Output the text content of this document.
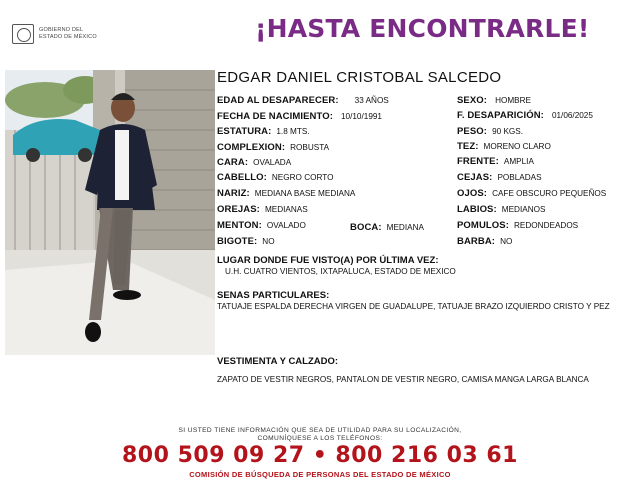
GOBIERNO DEL
ESTADO DE MÉXICO	¡HASTA ENCONTRARLE!
EDGAR DANIEL CRISTOBAL SALCEDO
EDAD AL DESAPARECER: 33 AÑOS
FECHA DE NACIMIENTO: 10/10/1991
ESTATURA: 1.8 MTS.
COMPLEXION: ROBUSTA
CARA: OVALADA
CABELLO: NEGRO CORTO
NARIZ: MEDIANA BASE MEDIANA
OREJAS: MEDIANAS
MENTON: OVALADO
BIGOTE: NO
BOCA: MEDIANA
SEXO: HOMBRE
F. DESAPARICIÓN: 01/06/2025
PESO: 90 KGS.
TEZ: MORENO CLARO
FRENTE: AMPLIA
CEJAS: POBLADAS
OJOS: CAFE OBSCURO PEQUEÑOS
LABIOS: MEDIANOS
POMULOS: REDONDEADOS
BARBA: NO
LUGAR DONDE FUE VISTO(A) POR ÚLTIMA VEZ:
U.H. CUATRO VIENTOS, IXTAPALUCA, ESTADO DE MEXICO
SENAS PARTICULARES:
TATUAJE ESPALDA DERECHA VIRGEN DE GUADALUPE, TATUAJE BRAZO IZQUIERDO CRISTO Y PEZ
VESTIMENTA Y CALZADO:
ZAPATO DE VESTIR NEGROS, PANTALON DE VESTIR NEGRO, CAMISA MANGA LARGA BLANCA
SI USTED TIENE INFORMACIÓN QUE SEA DE UTILIDAD PARA SU LOCALIZACIÓN,
COMUNÍQUESE A LOS TELÉFONOS:
800 509 09 27 • 800 216 03 61
COMISIÓN DE BÚSQUEDA DE PERSONAS DEL ESTADO DE MÉXICO
